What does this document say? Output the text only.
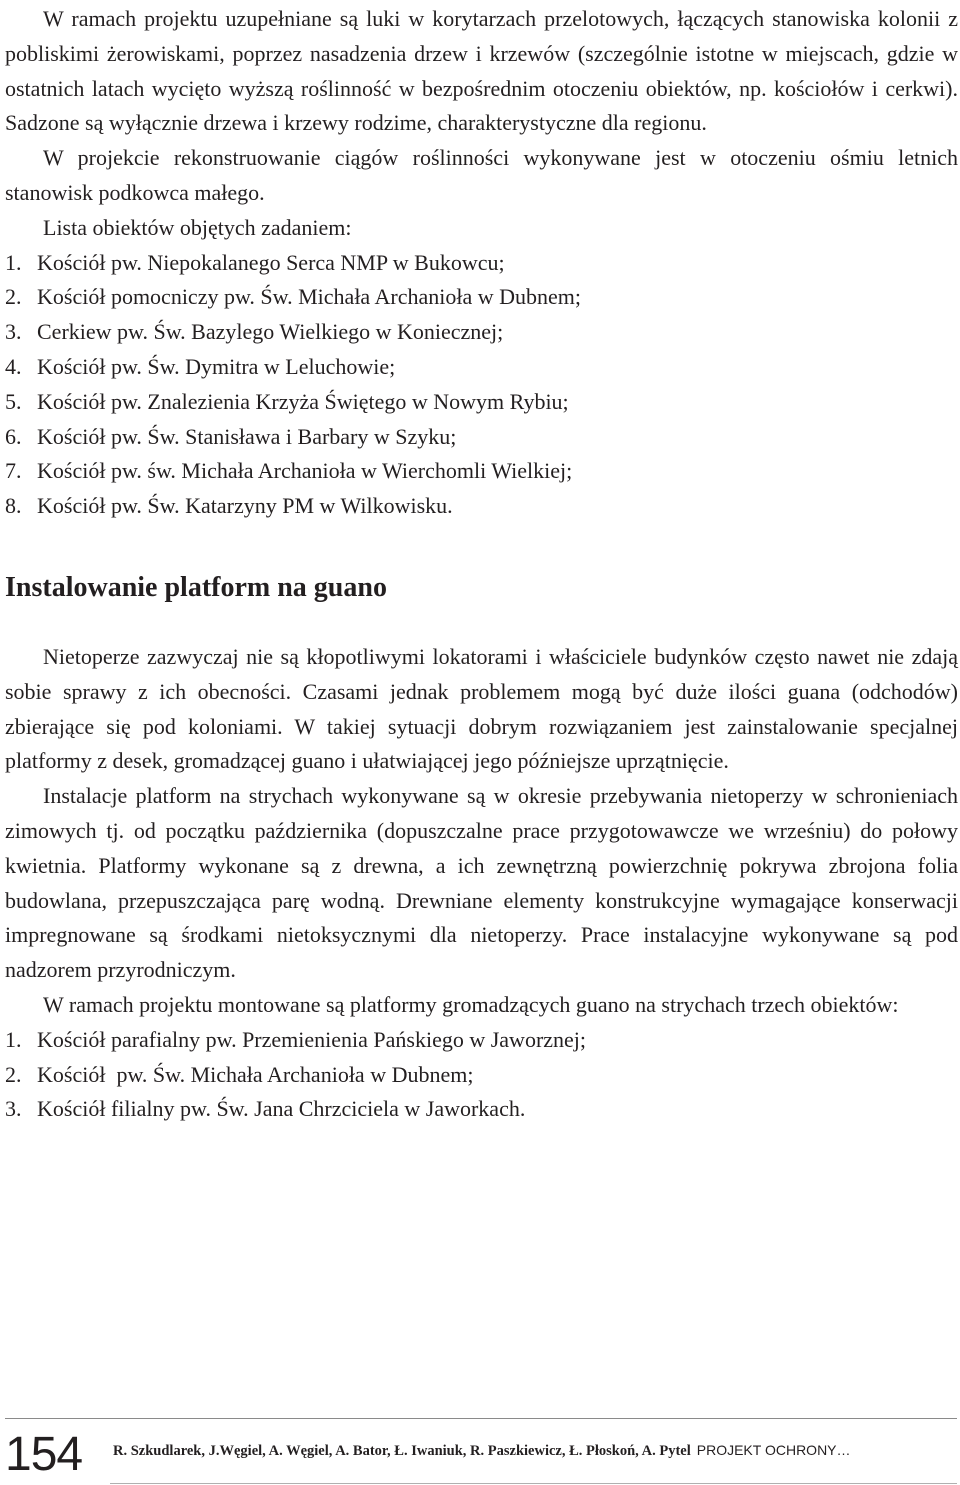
W ramach projektu uzupełniane są luki w korytarzach przelotowych, łączących stanowiska kolonii z pobliskimi żerowiskami, poprzez nasadzenia drzew i krzewów (szczególnie istotne w miejscach, gdzie w ostatnich latach wycięto wyższą roślinność w bezpośrednim otoczeniu obiektów, np. kościołów i cerkwi). Sadzone są wyłącznie drzewa i krzewy rodzime, charakterystyczne dla regionu.

W projekcie rekonstruowanie ciągów roślinności wykonywane jest w otoczeniu ośmiu letnich stanowisk podkowca małego.

Lista obiektów objętych zadaniem:

1. Kościół pw. Niepokalanego Serca NMP w Bukowcu;
2. Kościół pomocniczy pw. Św. Michała Archanioła w Dubnem;
3. Cerkiew pw. Św. Bazylego Wielkiego w Koniecznej;
4. Kościół pw. Św. Dymitra w Leluchowie;
5. Kościół pw. Znalezienia Krzyża Świętego w Nowym Rybiu;
6. Kościół pw. Św. Stanisława i Barbary w Szyku;
7. Kościół pw. św. Michała Archanioła w Wierchomli Wielkiej;
8. Kościół pw. Św. Katarzyny PM w Wilkowisku.
Instalowanie platform na guano

Nietoperze zazwyczaj nie są kłopotliwymi lokatorami i właściciele budynków często nawet nie zdają sobie sprawy z ich obecności. Czasami jednak problemem mogą być duże ilości guana (odchodów) zbierające się pod koloniami. W takiej sytuacji dobrym rozwiązaniem jest zainstalowanie specjalnej platformy z desek, gromadzącej guano i ułatwiającej jego późniejsze uprzątnięcie.

Instalacje platform na strychach wykonywane są w okresie przebywania nietoperzy w schronieniach zimowych tj. od początku października (dopuszczalne prace przygotowawcze we wrześniu) do połowy kwietnia. Platformy wykonane są z drewna, a ich zewnętrzną powierzchnię pokrywa zbrojona folia budowlana, przepuszczająca parę wodną. Drewniane elementy konstrukcyjne wymagające konserwacji impregnowane są środkami nietoksycznymi dla nietoperzy. Prace instalacyjne wykonywane są pod nadzorem przyrodniczym.

W ramach projektu montowane są platformy gromadzących guano na strychach trzech obiektów:

1. Kościół parafialny pw. Przemienienia Pańskiego w Jaworznej;
2. Kościół  pw. Św. Michała Archanioła w Dubnem;
3. Kościół filialny pw. Św. Jana Chrzciciela w Jaworkach.
154 R. Szkudlarek, J.Węgiel, A. Węgiel, A. Bator, Ł. Iwaniuk, R. Paszkiewicz, Ł. Płoskoń, A. Pytel PROJEKT OCHRONY…
